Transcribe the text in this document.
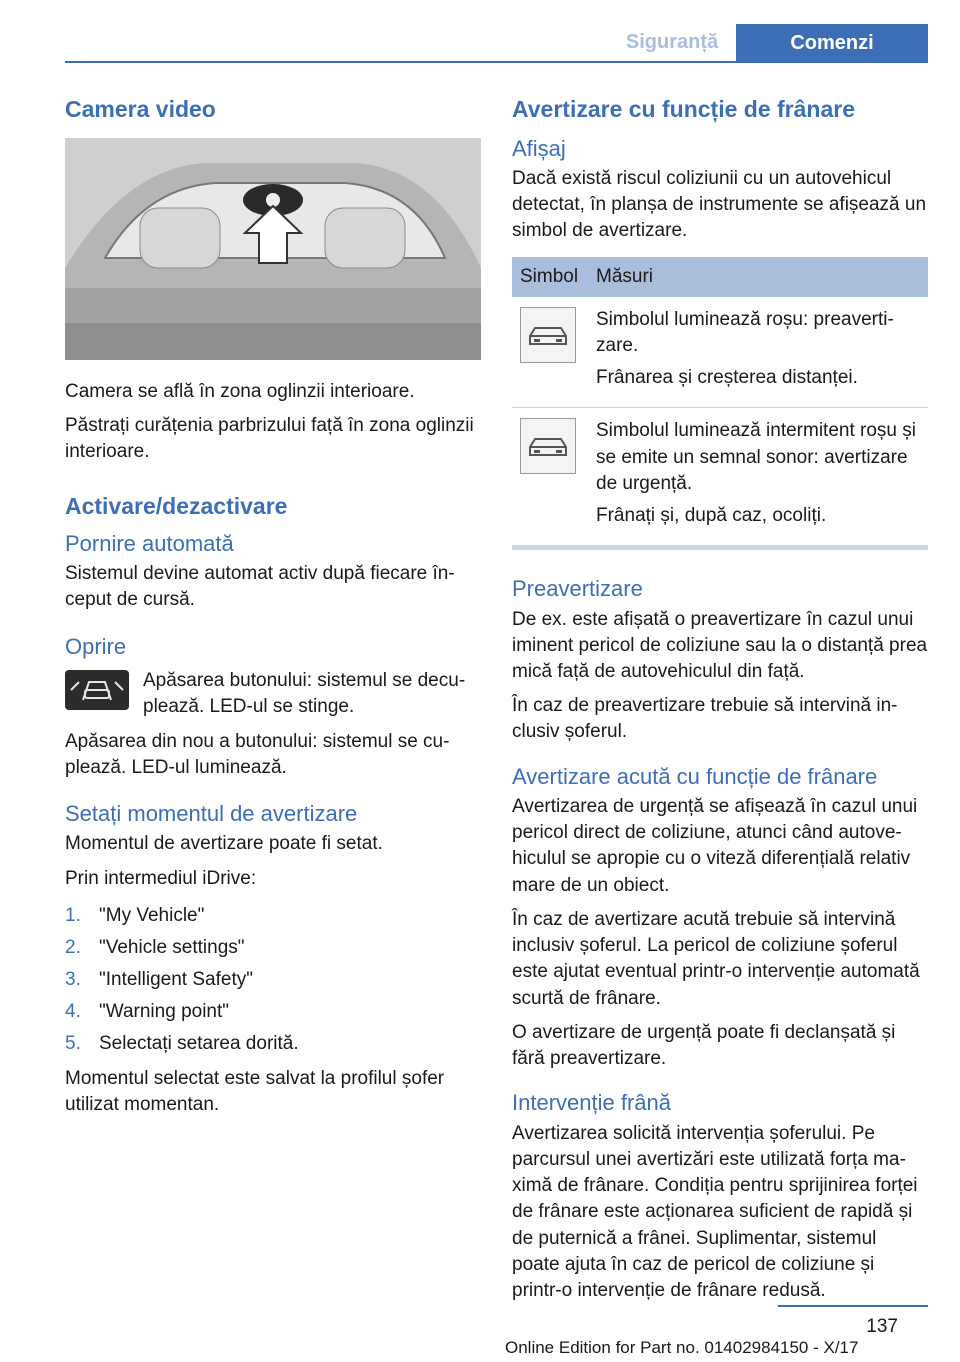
Siguranță	Comenzi
Camera video

Camera se află în zona oglinzii interioare.

Păstrați curățenia parbrizului față în zona oglinzii interioare.

Activare/dezactivare
Pornire automată

Sistemul devine automat activ după fiecare început de cursă.

Oprire

Apăsarea butonului: sistemul se decuplează. LED-ul se stinge.

Apăsarea din nou a butonului: sistemul se cuplează. LED-ul luminează.

Setați momentul de avertizare

Momentul de avertizare poate fi setat.

Prin intermediul iDrive:

1. "My Vehicle"
2. "Vehicle settings"
3. "Intelligent Safety"
4. "Warning point"
5. Selectați setarea dorită.

Momentul selectat este salvat la profilul șofer utilizat momentan.

Avertizare cu funcție de frânare
Afișaj

Dacă există riscul coliziunii cu un autovehicul detectat, în planșa de instrumente se afișează un simbol de avertizare.

Simbol	Măsuri

Simbolul luminează roșu: preavertizare.

Frânarea și creșterea distanței.

Simbolul luminează intermitent roșu și se emite un semnal sonor: avertizare de urgență.

Frânați și, după caz, ocoliți.

Preavertizare

De ex. este afișată o preavertizare în cazul unui iminent pericol de coliziune sau la o distanță prea mică față de autovehiculul din față.

În caz de preavertizare trebuie să intervină inclusiv șoferul.

Avertizare acută cu funcție de frânare

Avertizarea de urgență se afișează în cazul unui pericol direct de coliziune, atunci când autovehiculul se apropie cu o viteză diferențială relativ mare de un obiect.

În caz de avertizare acută trebuie să intervină inclusiv șoferul. La pericol de coliziune șoferul este ajutat eventual printr-o intervenție automată scurtă de frânare.

O avertizare de urgență poate fi declanșată și fără preavertizare.

Intervenție frână

Avertizarea solicită intervenția șoferului. Pe parcursul unei avertizări este utilizată forța maximă de frânare. Condiția pentru sprijinirea forței de frânare este acționarea suficient de rapidă și de puternică a frânei. Suplimentar, sistemul poate ajuta în caz de pericol de coliziune și printr-o intervenție de frânare redusă.

137
Online Edition for Part no. 01402984150 - X/17
